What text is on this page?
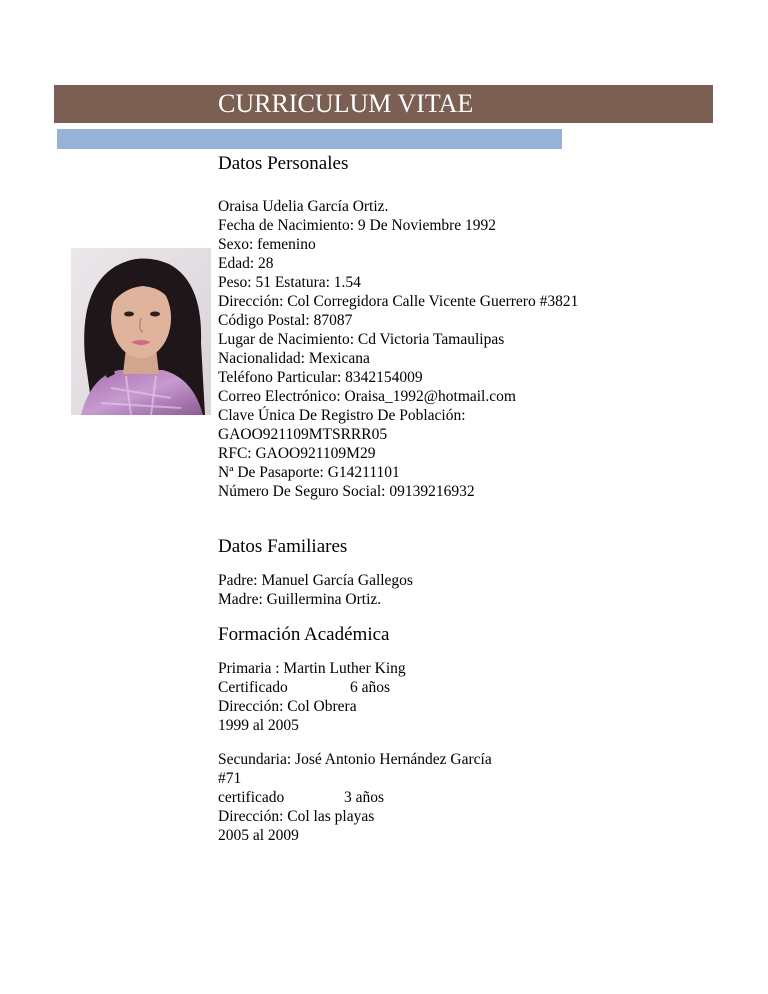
CURRICULUM VITAE
Datos Personales
Oraisa Udelia García Ortiz.
Fecha de Nacimiento: 9 De Noviembre 1992
Sexo: femenino
Edad: 28
Peso: 51 Estatura: 1.54
Dirección: Col Corregidora Calle Vicente Guerrero #3821
Código Postal: 87087
Lugar de Nacimiento: Cd Victoria Tamaulipas
Nacionalidad: Mexicana
Teléfono Particular: 8342154009
Correo Electrónico: Oraisa_1992@hotmail.com
Clave Única De Registro De Población:
GAOO921109MTSRRR05
RFC: GAOO921109M29
Nª De Pasaporte: G14211101
Número De Seguro Social: 09139216932
Datos Familiares
Padre: Manuel García Gallegos
Madre: Guillermina Ortiz.
Formación Académica
Primaria : Martin Luther King
Certificado	6 años
Dirección: Col Obrera
1999 al 2005
Secundaria: José Antonio Hernández García
#71
certificado	3 años
Dirección: Col las playas
2005 al 2009
